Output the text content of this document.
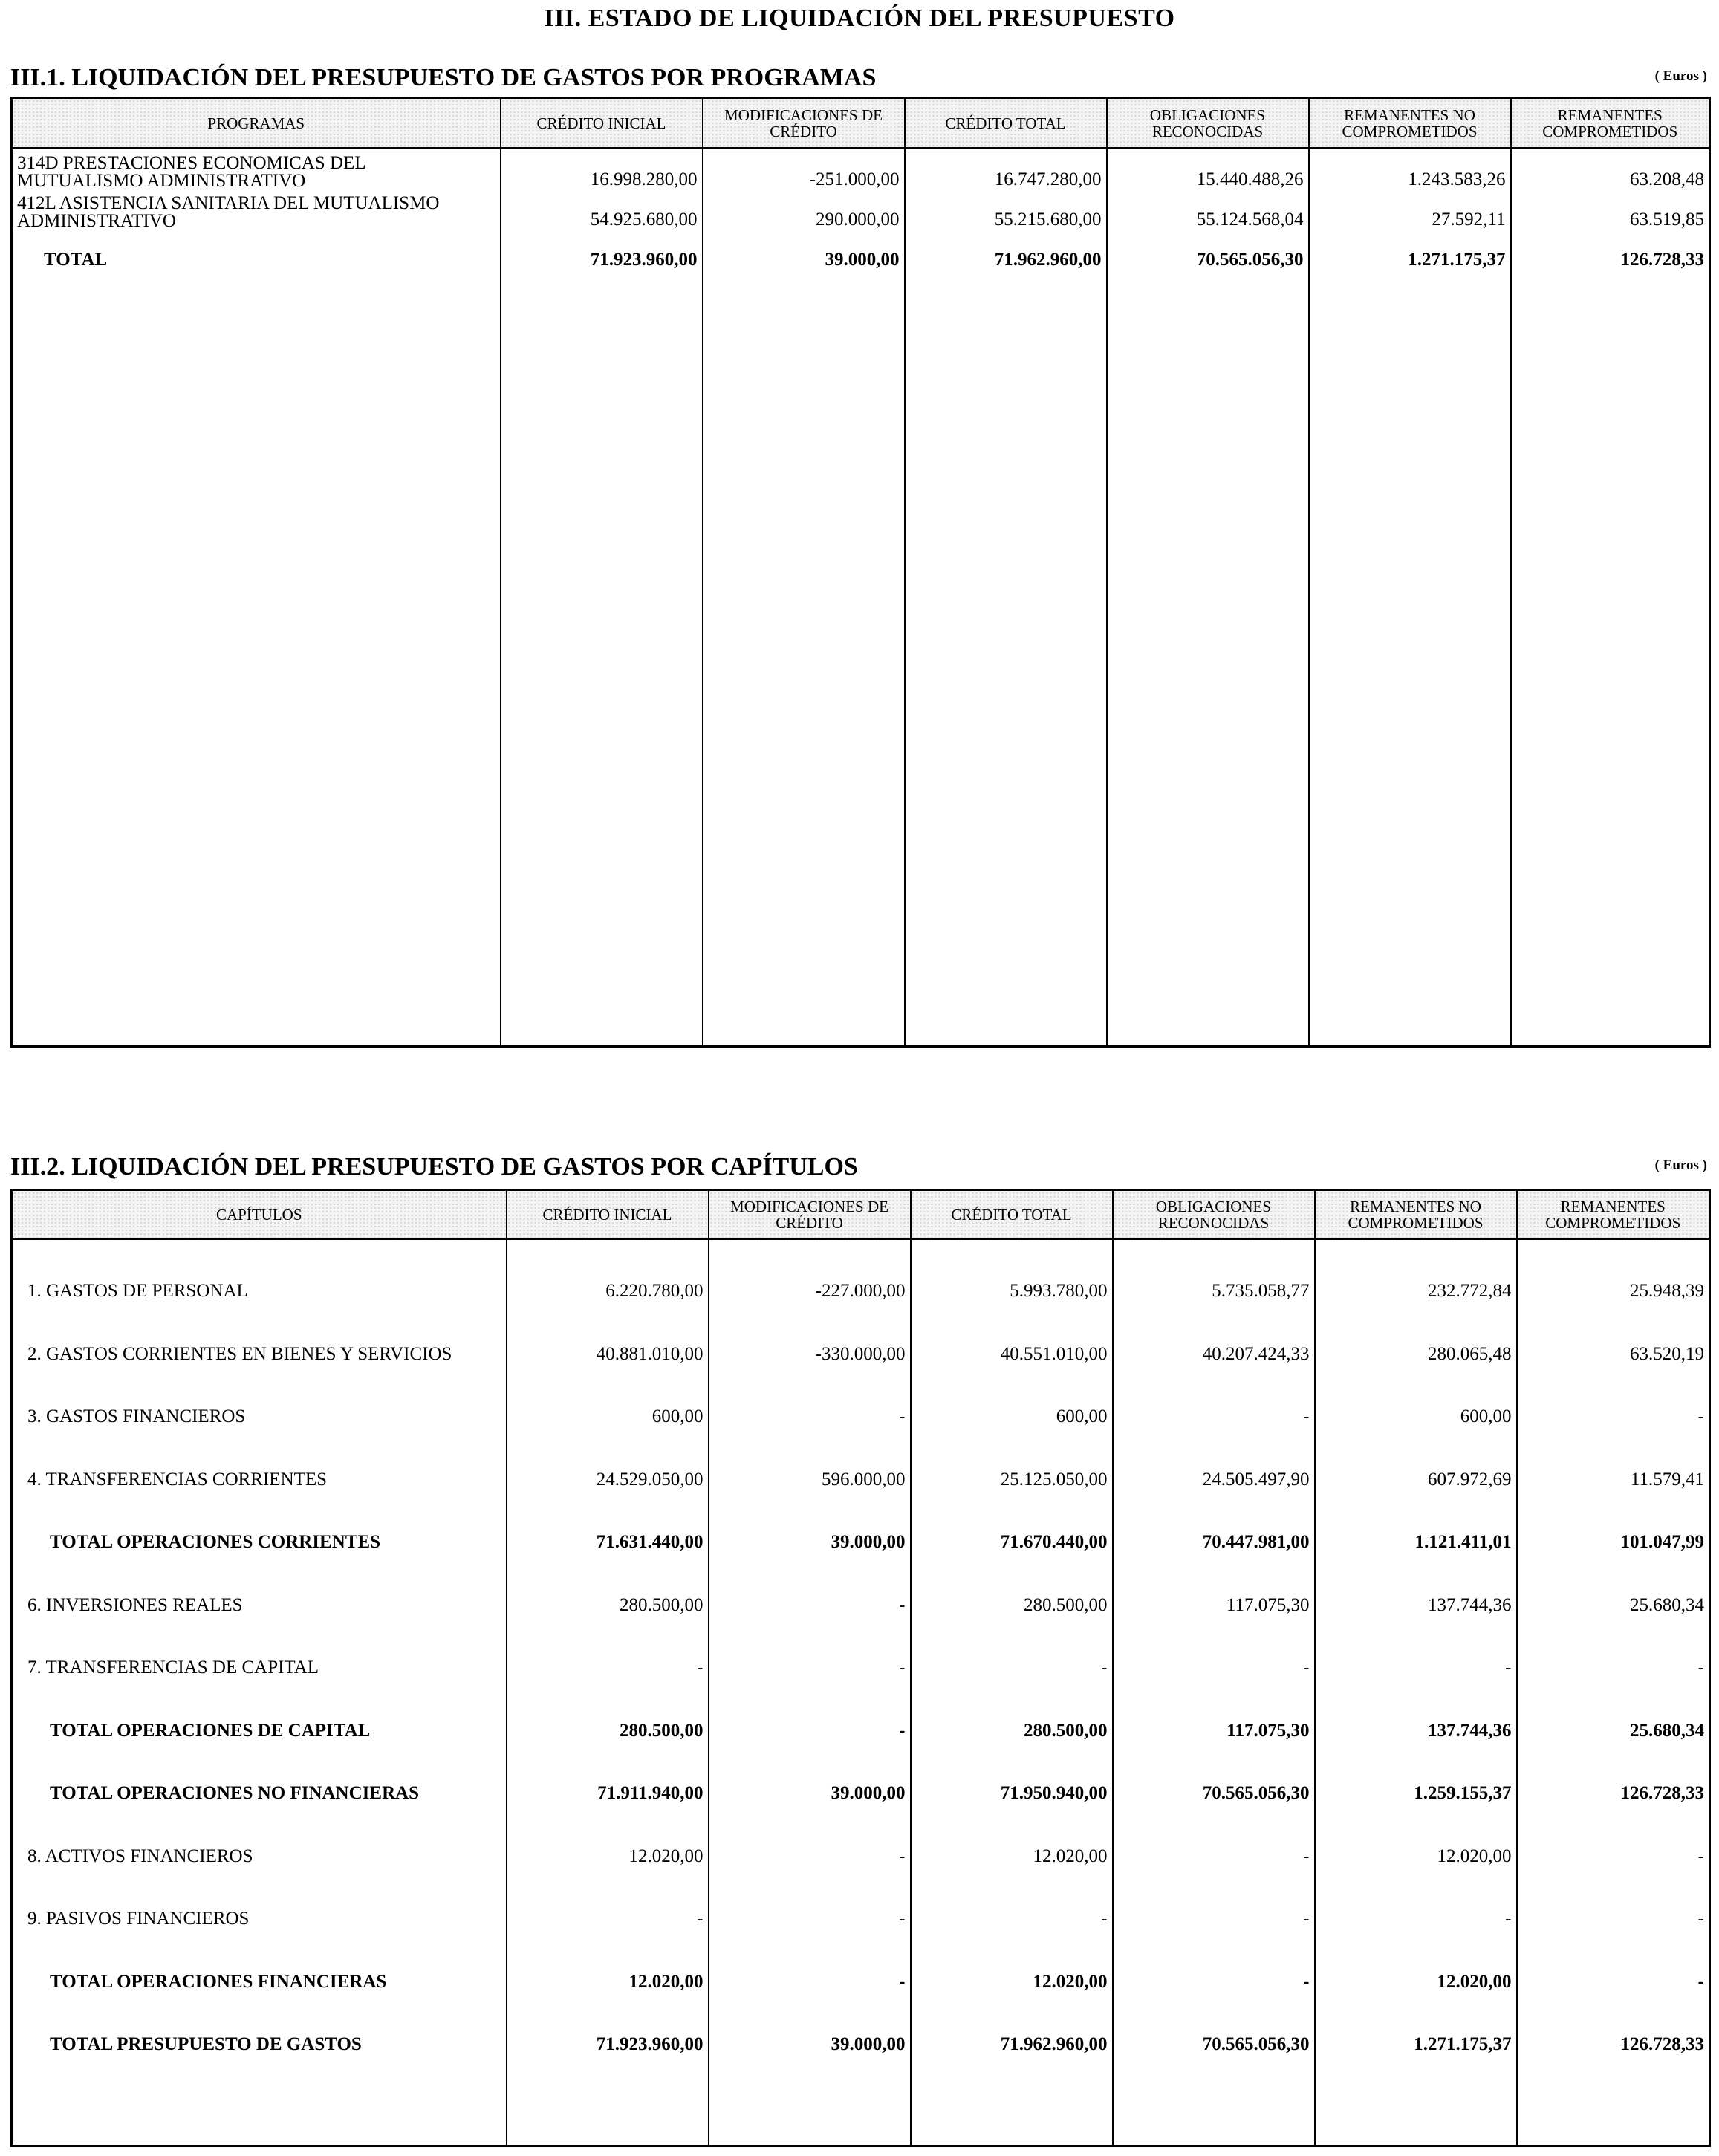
III. ESTADO DE LIQUIDACIÓN DEL PRESUPUESTO
III.1. LIQUIDACIÓN DEL PRESUPUESTO DE GASTOS POR PROGRAMAS	( Euros )
PROGRAMAS	CRÉDITO INICIAL	MODIFICACIONES DE CRÉDITO	CRÉDITO TOTAL	OBLIGACIONES RECONOCIDAS	REMANENTES NO COMPROMETIDOS	REMANENTES COMPROMETIDOS
314D PRESTACIONES ECONOMICAS DEL MUTUALISMO ADMINISTRATIVO	16.998.280,00	-251.000,00	16.747.280,00	15.440.488,26	1.243.583,26	63.208,48
412L ASISTENCIA SANITARIA DEL MUTUALISMO ADMINISTRATIVO	54.925.680,00	290.000,00	55.215.680,00	55.124.568,04	27.592,11	63.519,85
TOTAL	71.923.960,00	39.000,00	71.962.960,00	70.565.056,30	1.271.175,37	126.728,33

III.2. LIQUIDACIÓN DEL PRESUPUESTO DE GASTOS POR CAPÍTULOS	( Euros )
CAPÍTULOS	CRÉDITO INICIAL	MODIFICACIONES DE CRÉDITO	CRÉDITO TOTAL	OBLIGACIONES RECONOCIDAS	REMANENTES NO COMPROMETIDOS	REMANENTES COMPROMETIDOS
1. GASTOS DE PERSONAL	6.220.780,00	-227.000,00	5.993.780,00	5.735.058,77	232.772,84	25.948,39
2. GASTOS CORRIENTES EN BIENES Y SERVICIOS	40.881.010,00	-330.000,00	40.551.010,00	40.207.424,33	280.065,48	63.520,19
3. GASTOS FINANCIEROS	600,00	-	600,00	-	600,00	-
4. TRANSFERENCIAS CORRIENTES	24.529.050,00	596.000,00	25.125.050,00	24.505.497,90	607.972,69	11.579,41
TOTAL OPERACIONES CORRIENTES	71.631.440,00	39.000,00	71.670.440,00	70.447.981,00	1.121.411,01	101.047,99
6. INVERSIONES REALES	280.500,00	-	280.500,00	117.075,30	137.744,36	25.680,34
7. TRANSFERENCIAS DE CAPITAL	-	-	-	-	-	-
TOTAL OPERACIONES DE CAPITAL	280.500,00	-	280.500,00	117.075,30	137.744,36	25.680,34
TOTAL OPERACIONES NO FINANCIERAS	71.911.940,00	39.000,00	71.950.940,00	70.565.056,30	1.259.155,37	126.728,33
8. ACTIVOS FINANCIEROS	12.020,00	-	12.020,00	-	12.020,00	-
9. PASIVOS FINANCIEROS	-	-	-	-	-	-
TOTAL OPERACIONES FINANCIERAS	12.020,00	-	12.020,00	-	12.020,00	-
TOTAL PRESUPUESTO DE GASTOS	71.923.960,00	39.000,00	71.962.960,00	70.565.056,30	1.271.175,37	126.728,33
